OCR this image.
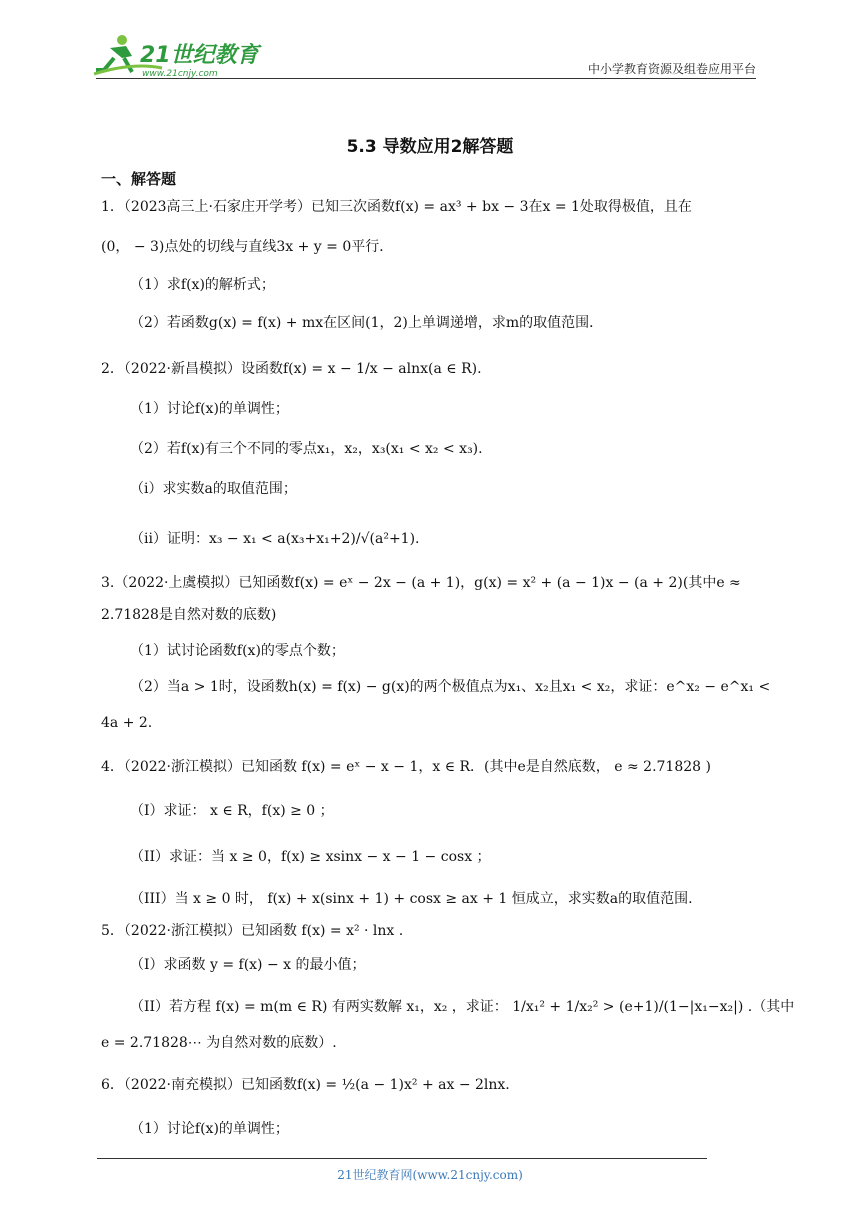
21世纪教育
www.21cnjy.com	中小学教育资源及组卷应用平台
5.3 导数应用2解答题
一、解答题
1．（2023高三上·石家庄开学考）已知三次函数f(x) = ax³ + bx − 3在x = 1处取得极值，且在
(0， − 3)点处的切线与直线3x + y = 0平行．
（1）求f(x)的解析式；
（2）若函数g(x) = f(x) + mx在区间(1，2)上单调递增，求m的取值范围．
2．（2022·新昌模拟）设函数f(x) = x − 1/x − alnx(a ∈ R).
（1）讨论f(x)的单调性；
（2）若f(x)有三个不同的零点x₁，x₂，x₃(x₁ < x₂ < x₃).
（i）求实数a的取值范围；
（ii）证明：x₃ − x₁ < a(x₃+x₁+2)/√(a²+1).
3.（2022·上虞模拟）已知函数f(x) = eˣ − 2x − (a + 1)，g(x) = x² + (a − 1)x − (a + 2)(其中e ≈
2.71828是自然对数的底数)
（1）试讨论函数f(x)的零点个数；
（2）当a > 1时，设函数h(x) = f(x) − g(x)的两个极值点为x₁、x₂且x₁ < x₂，求证：e^x₂ − e^x₁ <
4a + 2.
4．（2022·浙江模拟）已知函数 f(x) = eˣ − x − 1，x ∈ R．(其中e是自然底数， e ≈ 2.71828 )
（I）求证： x ∈ R，f(x) ≥ 0 ；
（II）求证：当 x ≥ 0，f(x) ≥ xsinx − x − 1 − cosx ；
（III）当 x ≥ 0 时， f(x) + x(sinx + 1) + cosx ≥ ax + 1 恒成立，求实数a的取值范围.
5．（2022·浙江模拟）已知函数 f(x) = x² · lnx .
（I）求函数 y = f(x) − x 的最小值；
（II）若方程 f(x) = m(m ∈ R) 有两实数解 x₁，x₂ ，求证： 1/x₁² + 1/x₂² > (e+1)/(1−|x₁−x₂|) .（其中
e = 2.71828⋯ 为自然对数的底数）.
6．（2022·南充模拟）已知函数f(x) = ½(a − 1)x² + ax − 2lnx.
（1）讨论f(x)的单调性；
21世纪教育网(www.21cnjy.com)
